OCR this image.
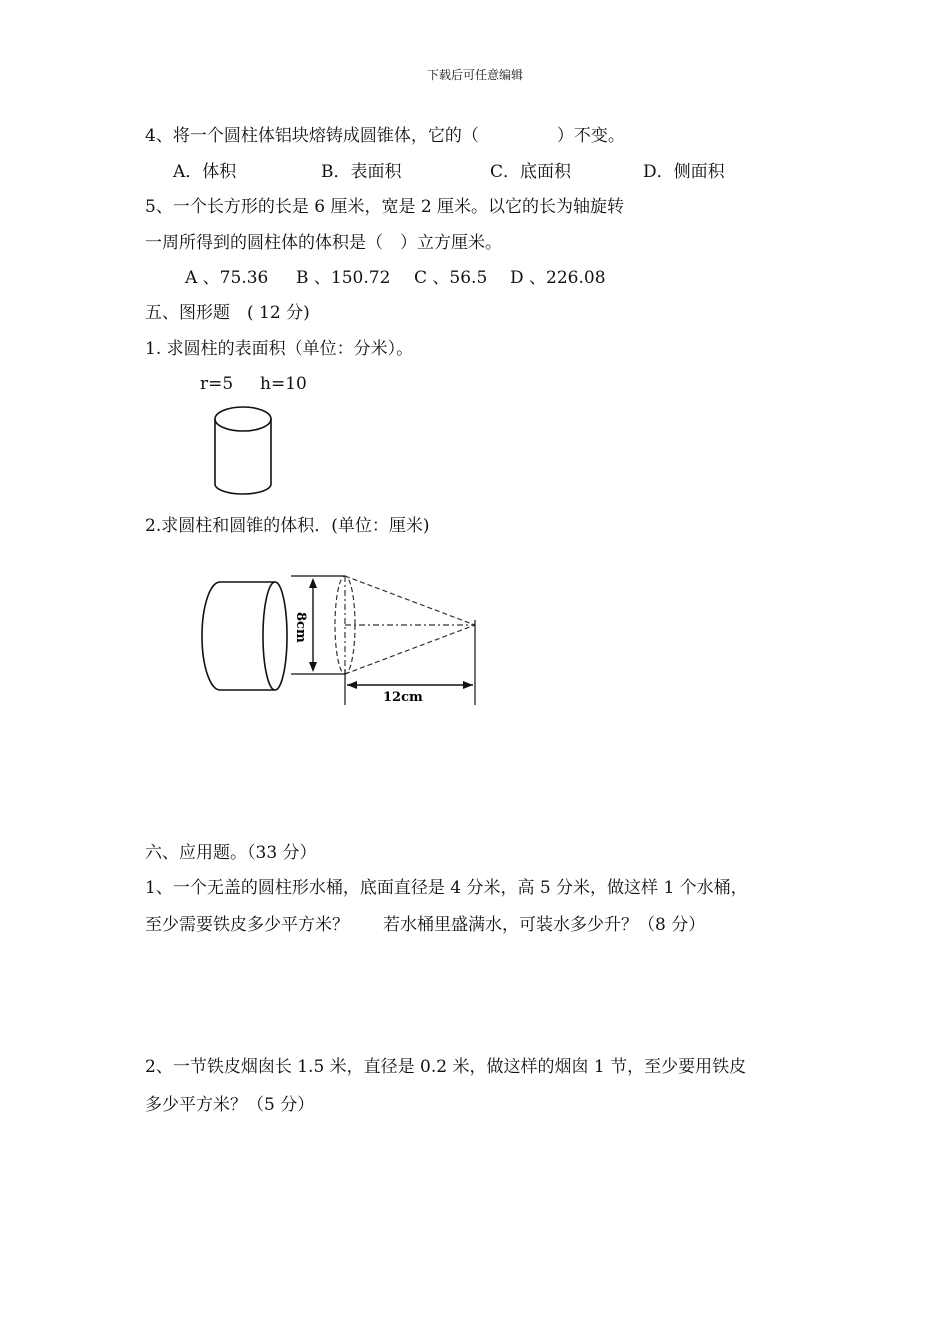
下载后可任意编辑
4、将一个圆柱体铝块熔铸成圆锥体，它的（	）不变。
A．体积	B．表面积	C．底面积	D．侧面积
5、一个长方形的长是 6 厘米，宽是 2 厘米。以它的长为轴旋转
一周所得到的圆柱体的体积是（　）立方厘米。
A 、75.36 B 、150.72 C 、56.5 D 、226.08
五、图形题　( 12 分)
1. 求圆柱的表面积（单位：分米）。
r=5 h=10
2.求圆柱和圆锥的体积．(单位：厘米)
8cm
12cm
六、应用题。（33 分）
1、一个无盖的圆柱形水桶，底面直径是 4 分米，高 5 分米，做这样 1 个水桶，
至少需要铁皮多少平方米？　　若水桶里盛满水，可装水多少升？（8 分）
2、一节铁皮烟囱长 1.5 米，直径是 0.2 米，做这样的烟囱 1 节，至少要用铁皮
多少平方米？（5 分）
